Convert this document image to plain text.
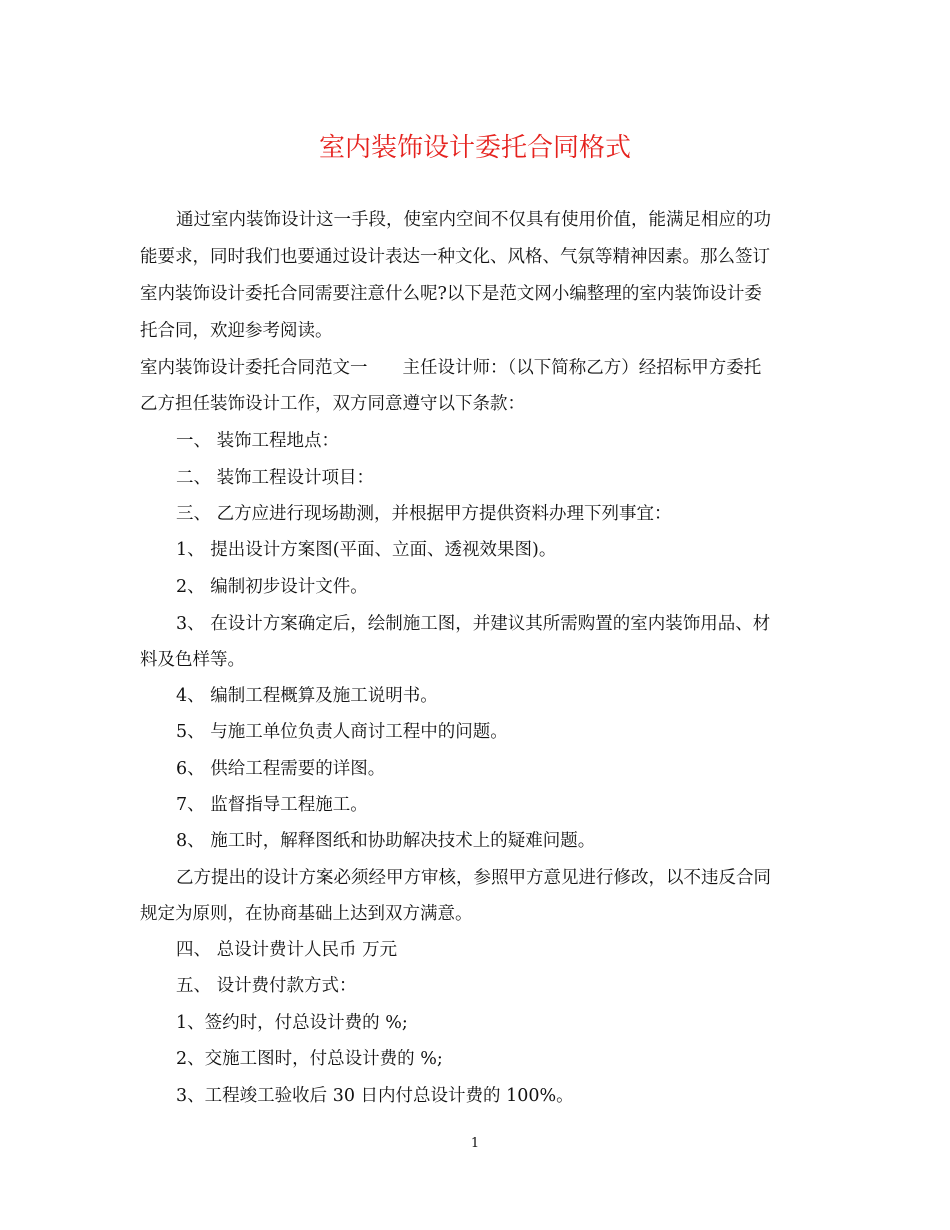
室内装饰设计委托合同格式
通过室内装饰设计这一手段，使室内空间不仅具有使用价值，能满足相应的功
能要求，同时我们也要通过设计表达一种文化、风格、气氛等精神因素。那么签订
室内装饰设计委托合同需要注意什么呢?以下是范文网小编整理的室内装饰设计委
托合同，欢迎参考阅读。
室内装饰设计委托合同范文一　　主任设计师：（以下简称乙方）经招标甲方委托
乙方担任装饰设计工作，双方同意遵守以下条款：
一、 装饰工程地点：
二、 装饰工程设计项目：
三、 乙方应进行现场勘测，并根据甲方提供资料办理下列事宜：
1、 提出设计方案图(平面、立面、透视效果图)。
2、 编制初步设计文件。
3、 在设计方案确定后，绘制施工图，并建议其所需购置的室内装饰用品、材
料及色样等。
4、 编制工程概算及施工说明书。
5、 与施工单位负责人商讨工程中的问题。
6、 供给工程需要的详图。
7、 监督指导工程施工。
8、 施工时，解释图纸和协助解决技术上的疑难问题。
乙方提出的设计方案必须经甲方审核，参照甲方意见进行修改，以不违反合同
规定为原则，在协商基础上达到双方满意。
四、 总设计费计人民币 万元
五、 设计费付款方式：
1、签约时，付总设计费的 %;
2、交施工图时，付总设计费的 %;
3、工程竣工验收后 30 日内付总设计费的 100%。
1
